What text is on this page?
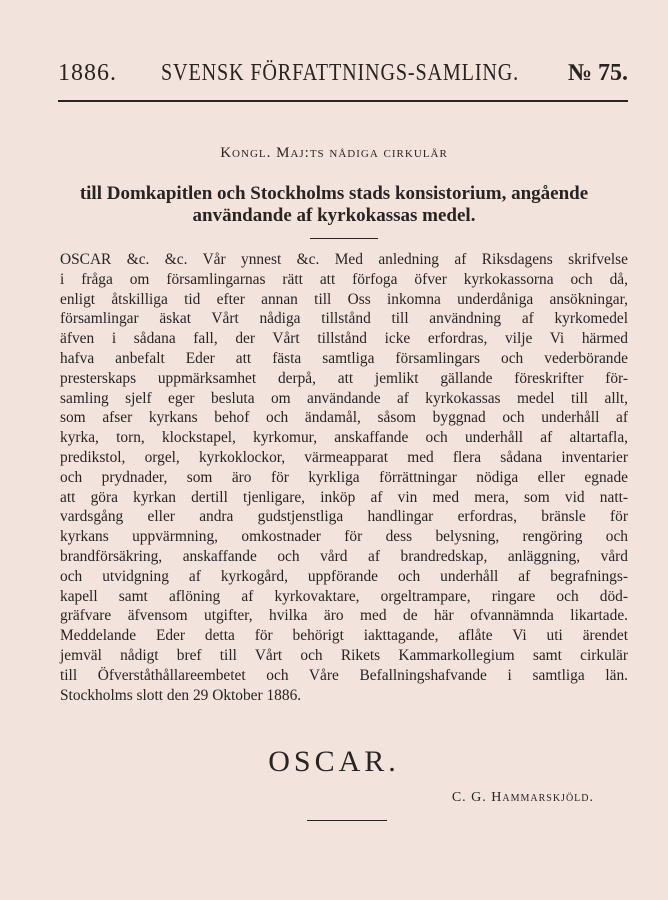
1886. SVENSK FÖRFATTNINGS-SAMLING. № 75.
Kongl. Maj:ts nådiga cirkulär
till Domkapitlen och Stockholms stads konsistorium, angående användande af kyrkokassas medel.
OSCAR &c. &c. Vår ynnest &c. Med anledning af Riksdagens skrifvelse
i fråga om församlingarnas rätt att förfoga öfver kyrkokassorna och då,
enligt åtskilliga tid efter annan till Oss inkomna underdåniga ansökningar,
församlingar äskat Vårt nådiga tillstånd till användning af kyrkomedel
äfven i sådana fall, der Vårt tillstånd icke erfordras, vilje Vi härmed
hafva anbefalt Eder att fästa samtliga församlingars och vederbörande
presterskaps uppmärksamhet derpå, att jemlikt gällande föreskrifter för-
samling sjelf eger besluta om användande af kyrkokassas medel till allt,
som afser kyrkans behof och ändamål, såsom byggnad och underhåll af
kyrka, torn, klockstapel, kyrkomur, anskaffande och underhåll af altartafla,
predikstol, orgel, kyrkoklockor, värmeapparat med flera sådana inventarier
och prydnader, som äro för kyrkliga förrättningar nödiga eller egnade
att göra kyrkan dertill tjenligare, inköp af vin med mera, som vid natt-
vardsgång eller andra gudstjenstliga handlingar erfordras, bränsle för
kyrkans uppvärmning, omkostnader för dess belysning, rengöring och
brandförsäkring, anskaffande och vård af brandredskap, anläggning, vård
och utvidgning af kyrkogård, uppförande och underhåll af begrafnings-
kapell samt aflöning af kyrkovaktare, orgeltrampare, ringare och död-
gräfvare äfvensom utgifter, hvilka äro med de här ofvannämnda likartade.
Meddelande Eder detta för behörigt iakttagande, aflåte Vi uti ärendet
jemväl nådigt bref till Vårt och Rikets Kammarkollegium samt cirkulär
till Öfverståthållareembetet och Våre Befallningshafvande i samtliga län.
Stockholms slott den 29 Oktober 1886.
OSCAR.
C. G. Hammarskjöld.
